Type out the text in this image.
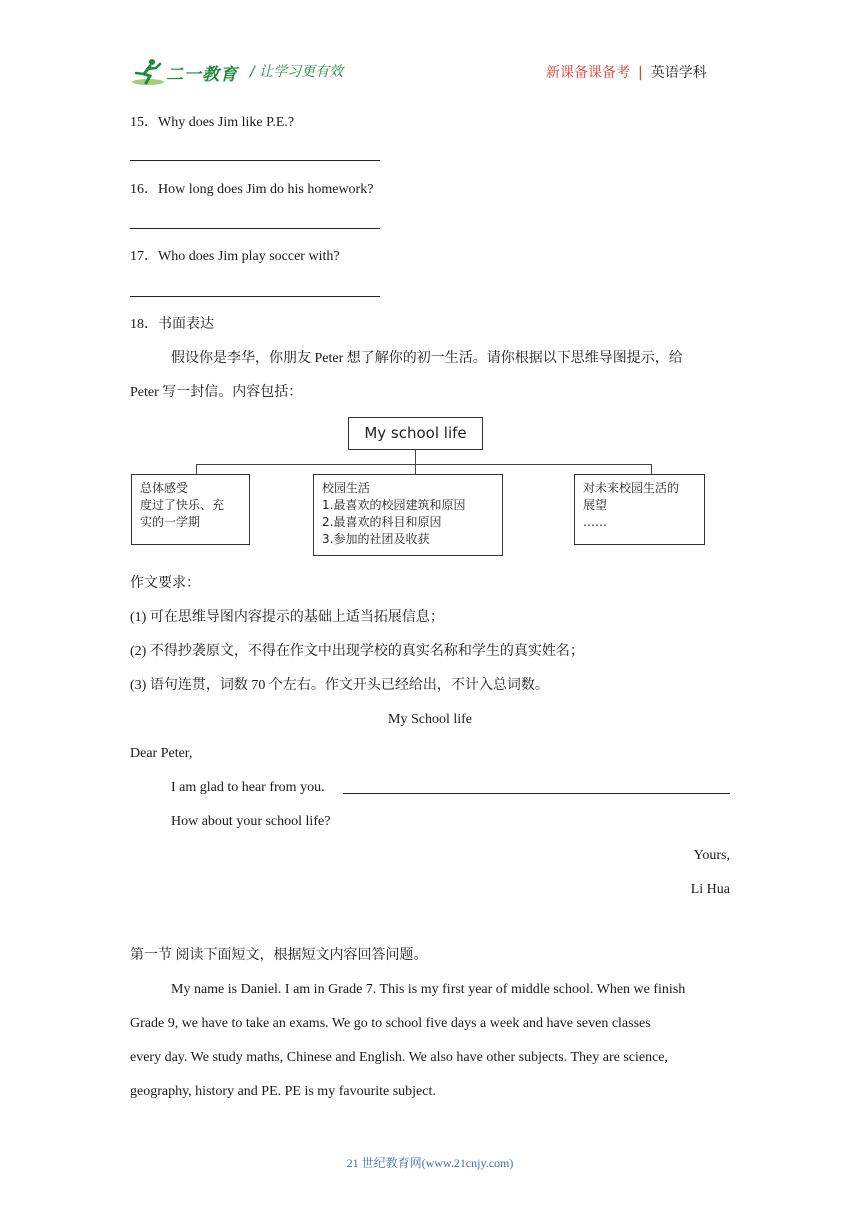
二一教育 / 让学习更有效	新课备课备考 | 英语学科
15．Why does Jim like P.E.?
16．How long does Jim do his homework?
17．Who does Jim play soccer with?
18．书面表达
假设你是李华，你朋友 Peter 想了解你的初一生活。请你根据以下思维导图提示，给
Peter 写一封信。内容包括：
My school life
总体感受
度过了快乐、充
实的一学期
校园生活
1.最喜欢的校园建筑和原因
2.最喜欢的科目和原因
3.参加的社团及收获
对未来校园生活的
展望
……
作文要求：
(1) 可在思维导图内容提示的基础上适当拓展信息；
(2) 不得抄袭原文，不得在作文中出现学校的真实名称和学生的真实姓名；
(3) 语句连贯，词数 70 个左右。作文开头已经给出，不计入总词数。
My School life
Dear Peter,
I am glad to hear from you.
How about your school life?
Yours,
Li Hua
第一节 阅读下面短文，根据短文内容回答问题。
My name is Daniel. I am in Grade 7. This is my first year of middle school. When we finish
Grade 9, we have to take an exams. We go to school five days a week and have seven classes
every day. We study maths, Chinese and English. We also have other subjects. They are science,
geography, history and PE. PE is my favourite subject.
21 世纪教育网(www.21cnjy.com)
